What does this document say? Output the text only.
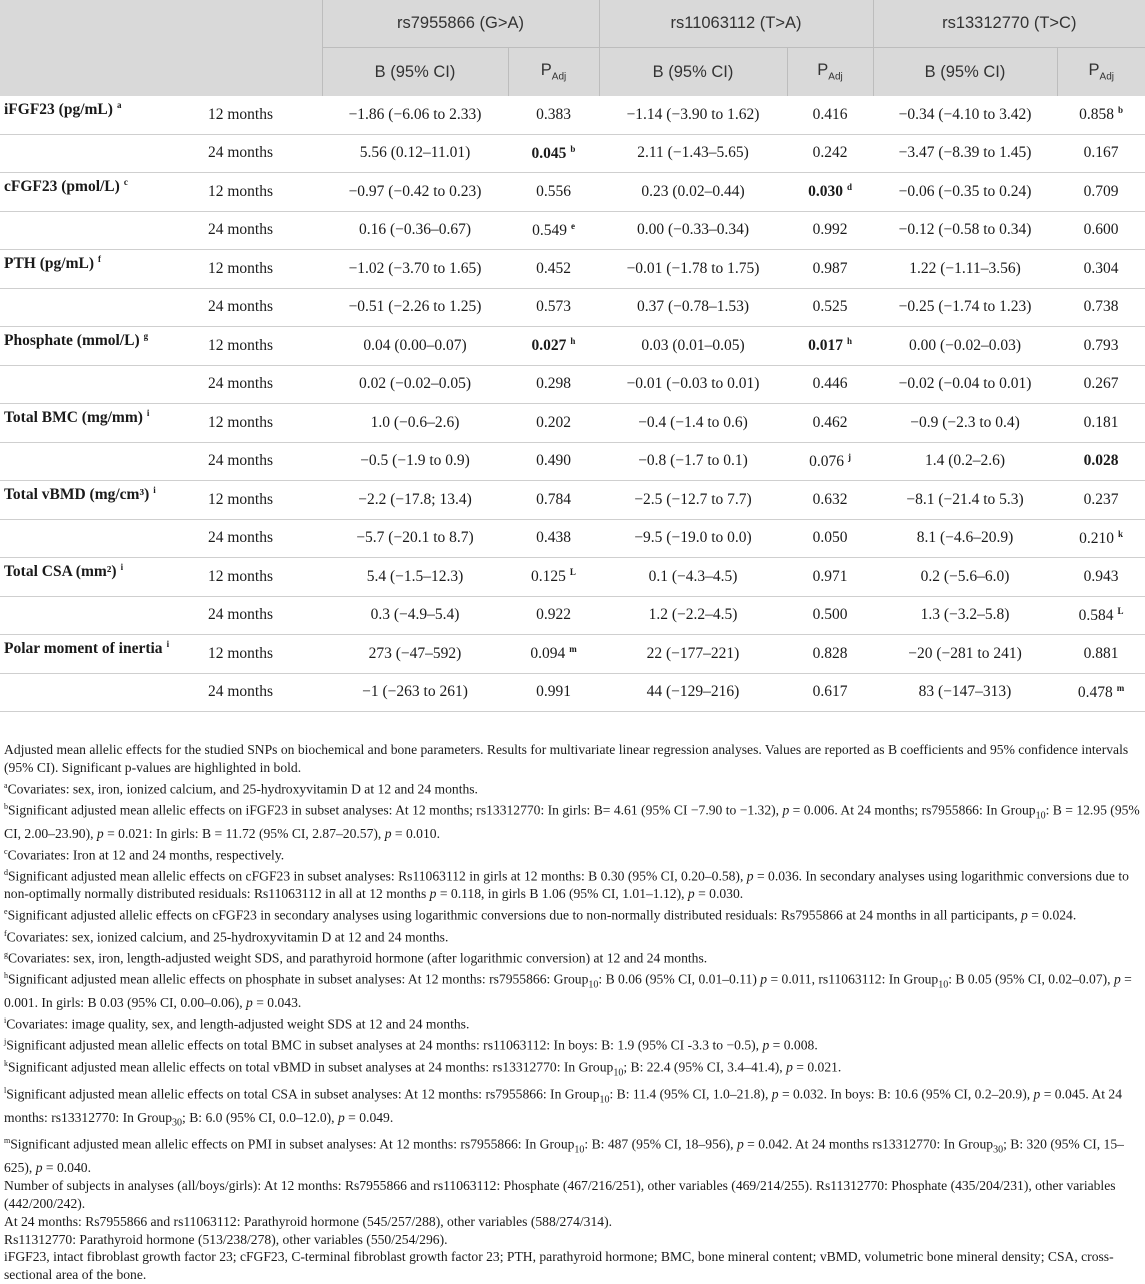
		rs7955866 (G>A)		rs11063112 (T>A)		rs13312770 (T>C)	
		B (95% CI)	$P_{Adj}$	B (95% CI)	$P_{Adj}$	B (95% CI)	$P_{Adj}$
iFGF23 (pg/mL) $^a$	12 months	−1.86 (−6.06 to 2.33)	0.383	−1.14 (−3.90 to 1.62)	0.416	−0.34 (−4.10 to 3.42)	0.858 $^b$
	24 months	5.56 (0.12–11.01)	0.045 $^b$	2.11 (−1.43–5.65)	0.242	−3.47 (−8.39 to 1.45)	0.167
cFGF23 (pmol/L) $^c$	12 months	−0.97 (−0.42 to 0.23)	0.556	0.23 (0.02–0.44)	0.030 $^d$	−0.06 (−0.35 to 0.24)	0.709
	24 months	0.16 (−0.36–0.67)	0.549 $^e$	0.00 (−0.33–0.34)	0.992	−0.12 (−0.58 to 0.34)	0.600
PTH (pg/mL) $^f$	12 months	−1.02 (−3.70 to 1.65)	0.452	−0.01 (−1.78 to 1.75)	0.987	1.22 (−1.11–3.56)	0.304
	24 months	−0.51 (−2.26 to 1.25)	0.573	0.37 (−0.78–1.53)	0.525	−0.25 (−1.74 to 1.23)	0.738
Phosphate (mmol/L) $^g$	12 months	0.04 (0.00–0.07)	0.027 $^h$	0.03 (0.01–0.05)	0.017 $^h$	0.00 (−0.02–0.03)	0.793
	24 months	0.02 (−0.02–0.05)	0.298	−0.01 (−0.03 to 0.01)	0.446	−0.02 (−0.04 to 0.01)	0.267
Total BMC (mg/mm) $^i$	12 months	1.0 (−0.6–2.6)	0.202	−0.4 (−1.4 to 0.6)	0.462	−0.9 (−2.3 to 0.4)	0.181
	24 months	−0.5 (−1.9 to 0.9)	0.490	−0.8 (−1.7 to 0.1)	0.076 $^j$	1.4 (0.2–2.6)	0.028
Total vBMD (mg/cm³) $^i$	12 months	−2.2 (−17.8; 13.4)	0.784	−2.5 (−12.7 to 7.7)	0.632	−8.1 (−21.4 to 5.3)	0.237
	24 months	−5.7 (−20.1 to 8.7)	0.438	−9.5 (−19.0 to 0.0)	0.050	8.1 (−4.6–20.9)	0.210 $^k$
Total CSA (mm²) $^i$	12 months	5.4 (−1.5–12.3)	0.125 $^L$	0.1 (−4.3–4.5)	0.971	0.2 (−5.6–6.0)	0.943
	24 months	0.3 (−4.9–5.4)	0.922	1.2 (−2.2–4.5)	0.500	1.3 (−3.2–5.8)	0.584 $^L$
Polar moment of inertia $^i$	12 months	273 (−47–592)	0.094 $^m$	22 (−177–221)	0.828	−20 (−281 to 241)	0.881
	24 months	−1 (−263 to 261)	0.991	44 (−129–216)	0.617	83 (−147–313)	0.478 $^m$

Adjusted mean allelic effects for the studied SNPs on biochemical and bone parameters. Results for multivariate linear regression analyses. Values are reported as B coefficients and 95% confidence intervals (95% CI). Significant p-values are highlighted in bold.

$^a$Covariates: sex, iron, ionized calcium, and 25-hydroxyvitamin D at 12 and 24 months.

$^b$Significant adjusted mean allelic effects on iFGF23 in subset analyses: At 12 months; rs13312770: In girls: B= 4.61 (95% CI −7.90 to −1.32), p = 0.006. At 24 months; rs7955866: In Group$_{10}$: B = 12.95 (95% CI, 2.00–23.90), p = 0.021: In girls: B = 11.72 (95% CI, 2.87–20.57), p = 0.010.

$^c$Covariates: Iron at 12 and 24 months, respectively.

$^d$Significant adjusted mean allelic effects on cFGF23 in subset analyses: Rs11063112 in girls at 12 months: B 0.30 (95% CI, 0.20–0.58), p = 0.036. In secondary analyses using logarithmic conversions due to non-optimally normally distributed residuals: Rs11063112 in all at 12 months p = 0.118, in girls B 1.06 (95% CI, 1.01–1.12), p = 0.030.

$^e$Significant adjusted allelic effects on cFGF23 in secondary analyses using logarithmic conversions due to non-normally distributed residuals: Rs7955866 at 24 months in all participants, p = 0.024.

$^f$Covariates: sex, ionized calcium, and 25-hydroxyvitamin D at 12 and 24 months.

$^g$Covariates: sex, iron, length-adjusted weight SDS, and parathyroid hormone (after logarithmic conversion) at 12 and 24 months.

$^h$Significant adjusted mean allelic effects on phosphate in subset analyses: At 12 months: rs7955866: Group$_{10}$: B 0.06 (95% CI, 0.01–0.11) p = 0.011, rs11063112: In Group$_{10}$: B 0.05 (95% CI, 0.02–0.07), p = 0.001. In girls: B 0.03 (95% CI, 0.00–0.06), p = 0.043.

$^i$Covariates: image quality, sex, and length-adjusted weight SDS at 12 and 24 months.

$^j$Significant adjusted mean allelic effects on total BMC in subset analyses at 24 months: rs11063112: In boys: B: 1.9 (95% CI -3.3 to −0.5), p = 0.008.

$^k$Significant adjusted mean allelic effects on total vBMD in subset analyses at 24 months: rs13312770: In Group$_{10}$; B: 22.4 (95% CI, 3.4–41.4), p = 0.021.

$^l$Significant adjusted mean allelic effects on total CSA in subset analyses: At 12 months: rs7955866: In Group$_{10}$: B: 11.4 (95% CI, 1.0–21.8), p = 0.032. In boys: B: 10.6 (95% CI, 0.2–20.9), p = 0.045. At 24 months: rs13312770: In Group$_{30}$; B: 6.0 (95% CI, 0.0–12.0), p = 0.049.

$^m$Significant adjusted mean allelic effects on PMI in subset analyses: At 12 months: rs7955866: In Group$_{10}$: B: 487 (95% CI, 18–956), p = 0.042. At 24 months rs13312770: In Group$_{30}$; B: 320 (95% CI, 15–625), p = 0.040.

Number of subjects in analyses (all/boys/girls): At 12 months: Rs7955866 and rs11063112: Phosphate (467/216/251), other variables (469/214/255). Rs11312770: Phosphate (435/204/231), other variables (442/200/242).

At 24 months: Rs7955866 and rs11063112: Parathyroid hormone (545/257/288), other variables (588/274/314).

Rs11312770: Parathyroid hormone (513/238/278), other variables (550/254/296).

iFGF23, intact fibroblast growth factor 23; cFGF23, C-terminal fibroblast growth factor 23; PTH, parathyroid hormone; BMC, bone mineral content; vBMD, volumetric bone mineral density; CSA, cross-sectional area of the bone.
